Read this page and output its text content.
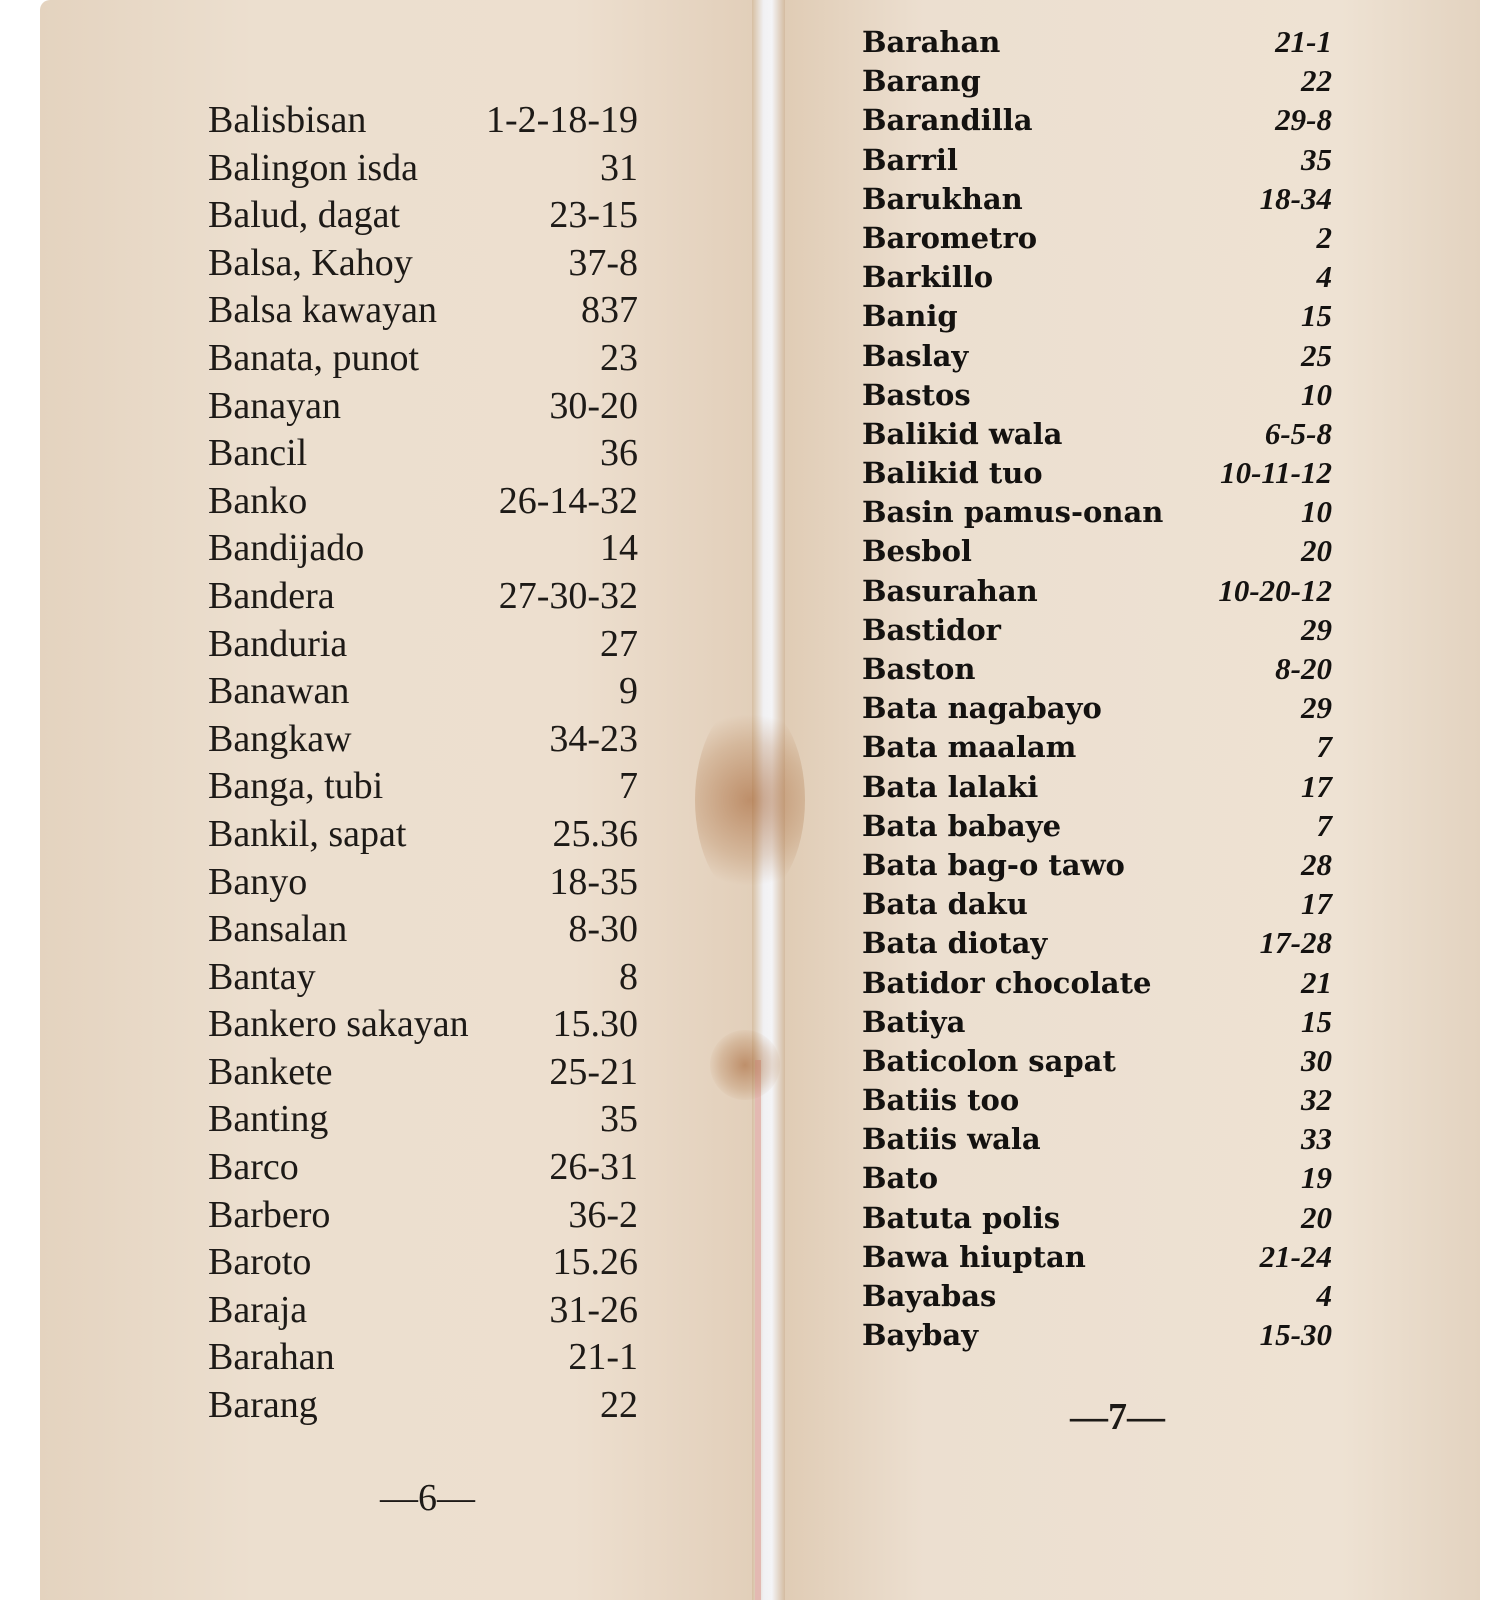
Balisbisan	1-2-18-19
Balingon isda	31
Balud, dagat	23-15
Balsa, Kahoy	37-8
Balsa kawayan	837
Banata, punot	23
Banayan	30-20
Bancil	36
Banko	26-14-32
Bandijado	14
Bandera	27-30-32
Banduria	27
Banawan	9
Bangkaw	34-23
Banga, tubi	7
Bankil, sapat	25.36
Banyo	18-35
Bansalan	8-30
Bantay	8
Bankero sakayan 15.30
Bankete	25-21
Banting	35
Barco	26-31
Barbero	36-2
Baroto	15.26
Baraja	31-26
Barahan	21-1
Barang	22
Barahan	21-1
Barang	22
Barandilla	29-8
Barril	35
Barukhan	18-34
Barometro	2
Barkillo	4
Banig	15
Baslay	25
Bastos	10
Balikid wala	6-5-8
Balikid tuo	10-11-12
Basin pamus-onan	10
Besbol	20
Basurahan	10-20-12
Bastidor	29
Baston	8-20
Bata nagabayo	29
Bata maalam	7
Bata lalaki	17
Bata babaye	7
Bata bag-o tawo	28
Bata daku	17
Bata diotay	17-28
Batidor chocolate	21
Batiya	15
Baticolon sapat	30
Batiis too	32
Batiis wala	33
Bato	19
Batuta polis	20
Bawa hiuptan	21-24
Bayabas	4
Baybay	15-30
—6—
—7—
